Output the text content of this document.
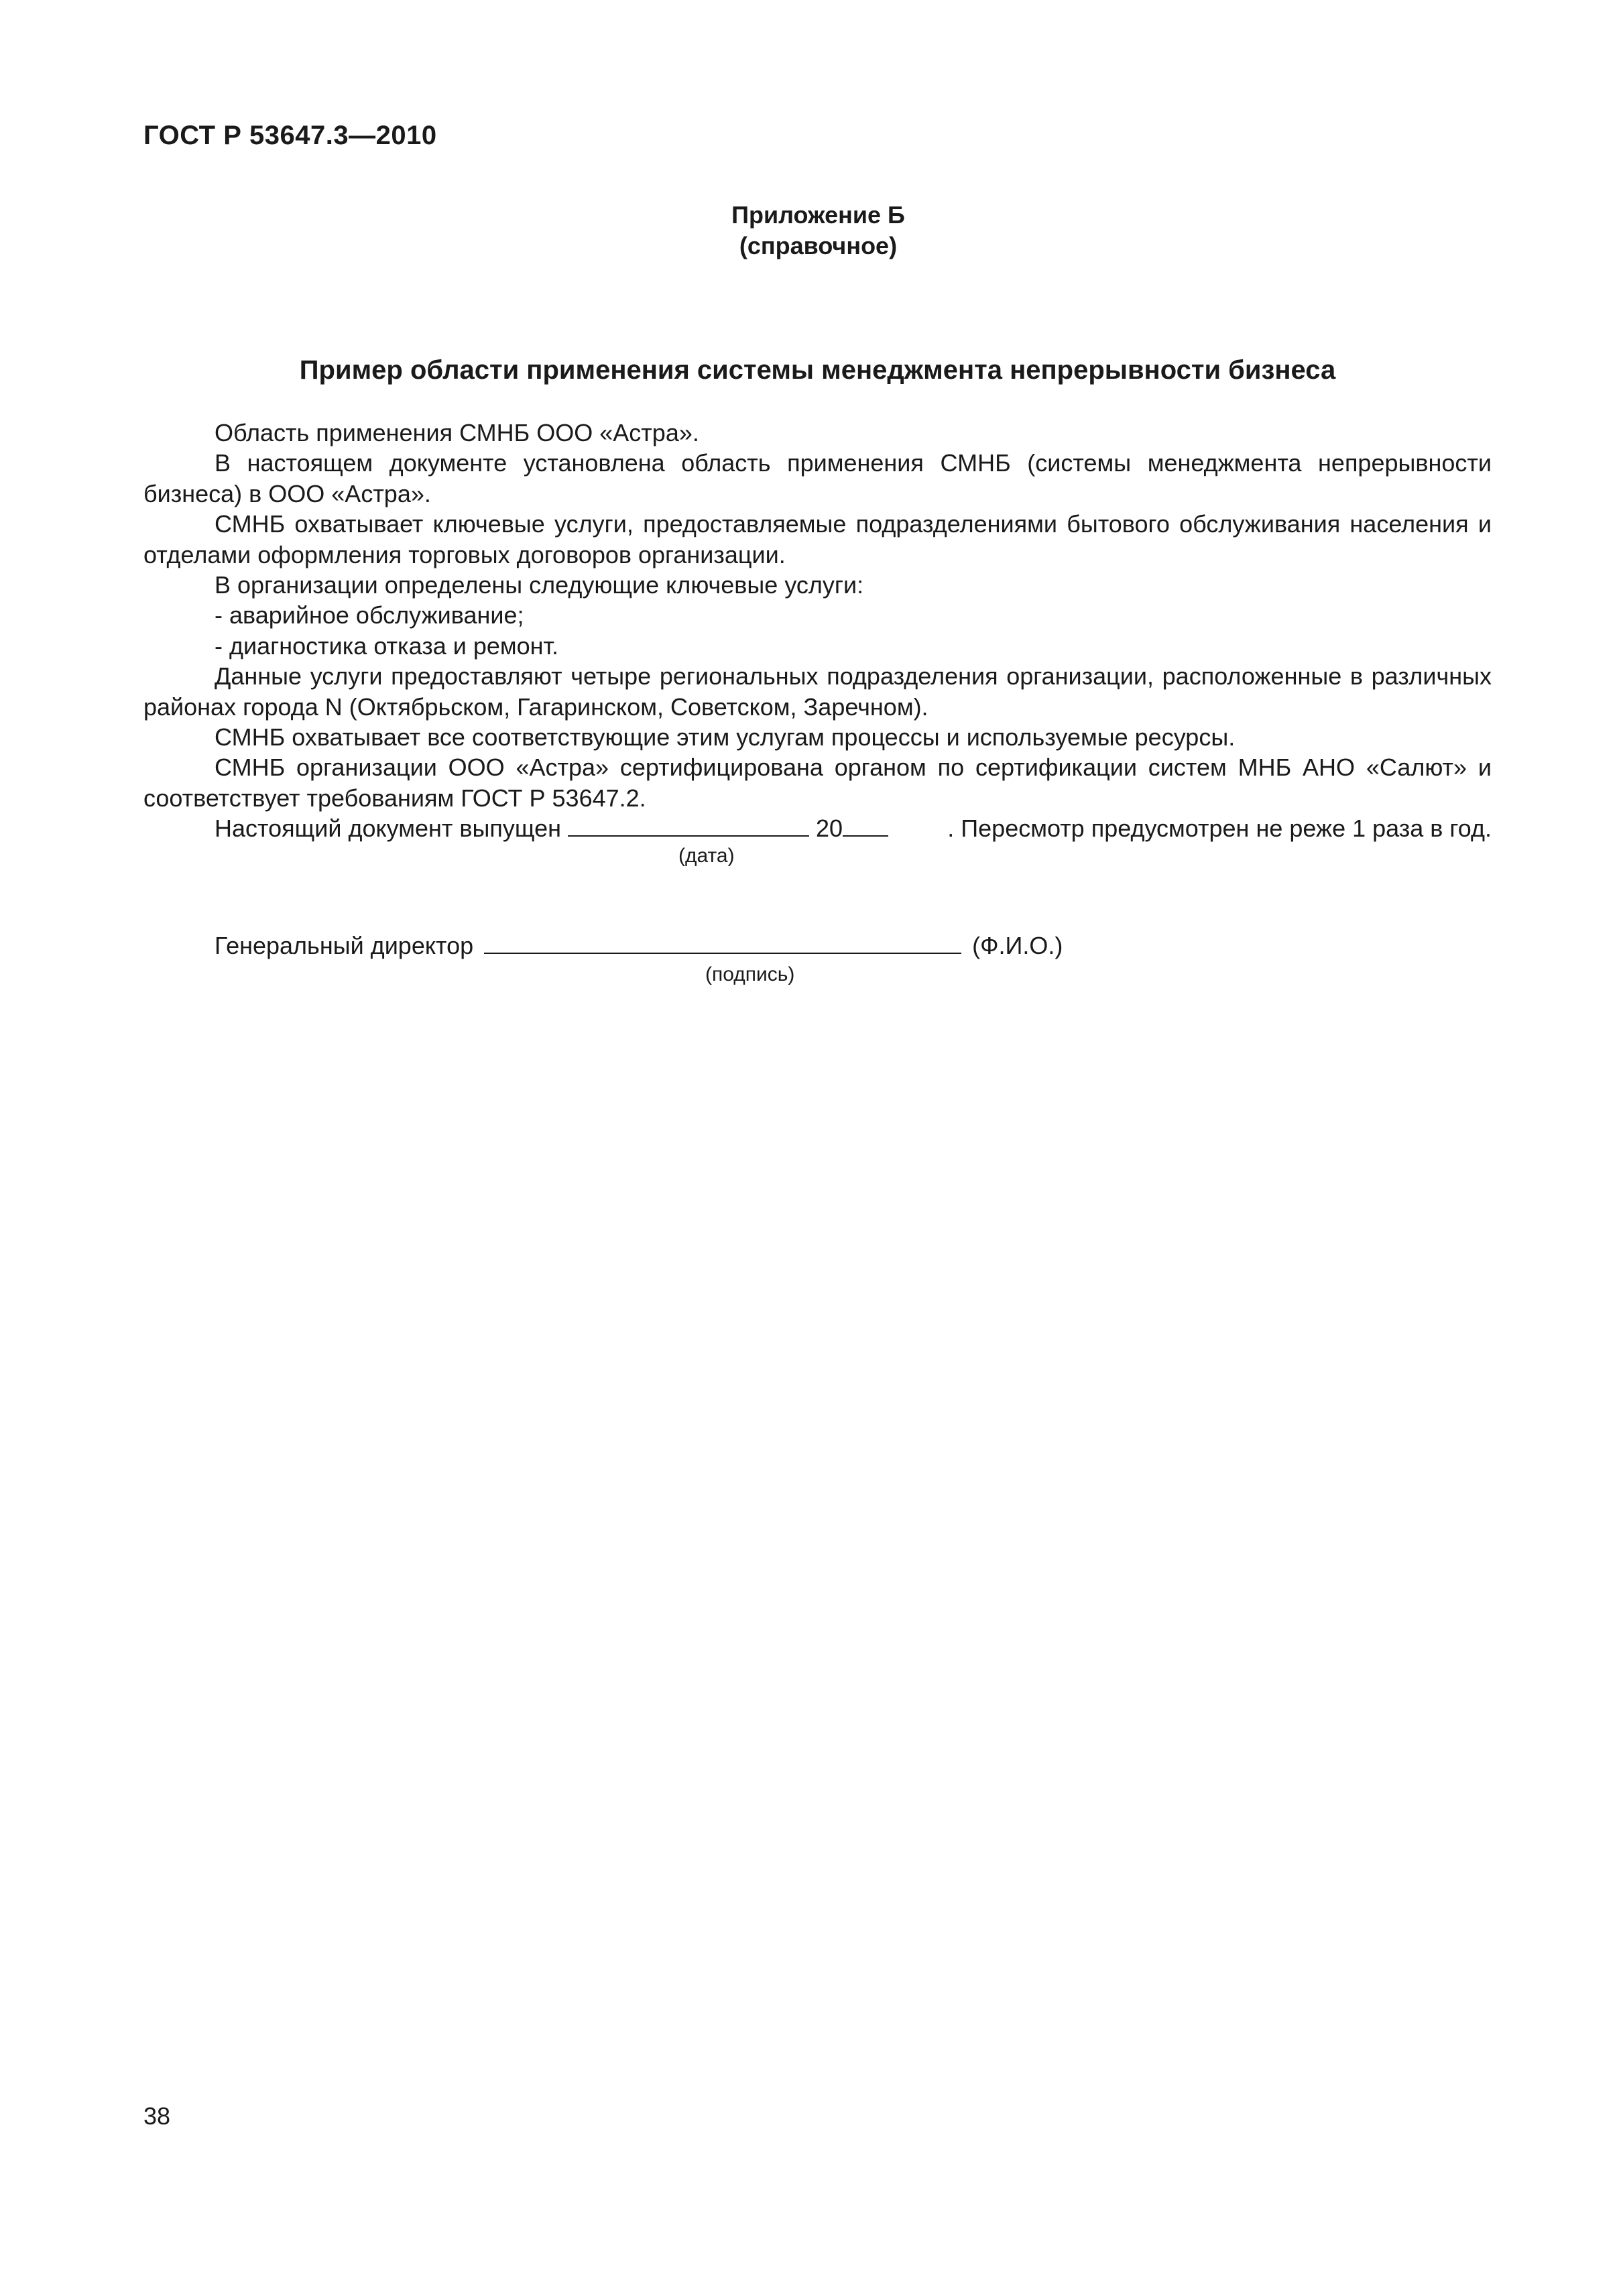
ГОСТ Р 53647.3—2010
Приложение Б
(справочное)
Пример области применения системы менеджмента непрерывности бизнеса

Область применения СМНБ ООО «Астра».

В настоящем документе установлена область применения СМНБ (системы менеджмента непрерывности бизнеса) в ООО «Астра».

СМНБ охватывает ключевые услуги, предоставляемые подразделениями бытового обслуживания населения и отделами оформления торговых договоров организации.

В организации определены следующие ключевые услуги:

- аварийное обслуживание;

- диагностика отказа и ремонт.

Данные услуги предоставляют четыре региональных подразделения организации, расположенные в различных районах города N (Октябрьском, Гагаринском, Советском, Заречном).

СМНБ охватывает все соответствующие этим услугам процессы и используемые ресурсы.

СМНБ организации ООО «Астра» сертифицирована органом по сертификации систем МНБ АНО «Салют» и соответствует требованиям ГОСТ Р 53647.2.

Настоящий документ выпущен	20	. Пересмотр предусмотрен не реже 1 раза в год.

(дата)
Генеральный директор	(Ф.И.О.)
(подпись)
38
